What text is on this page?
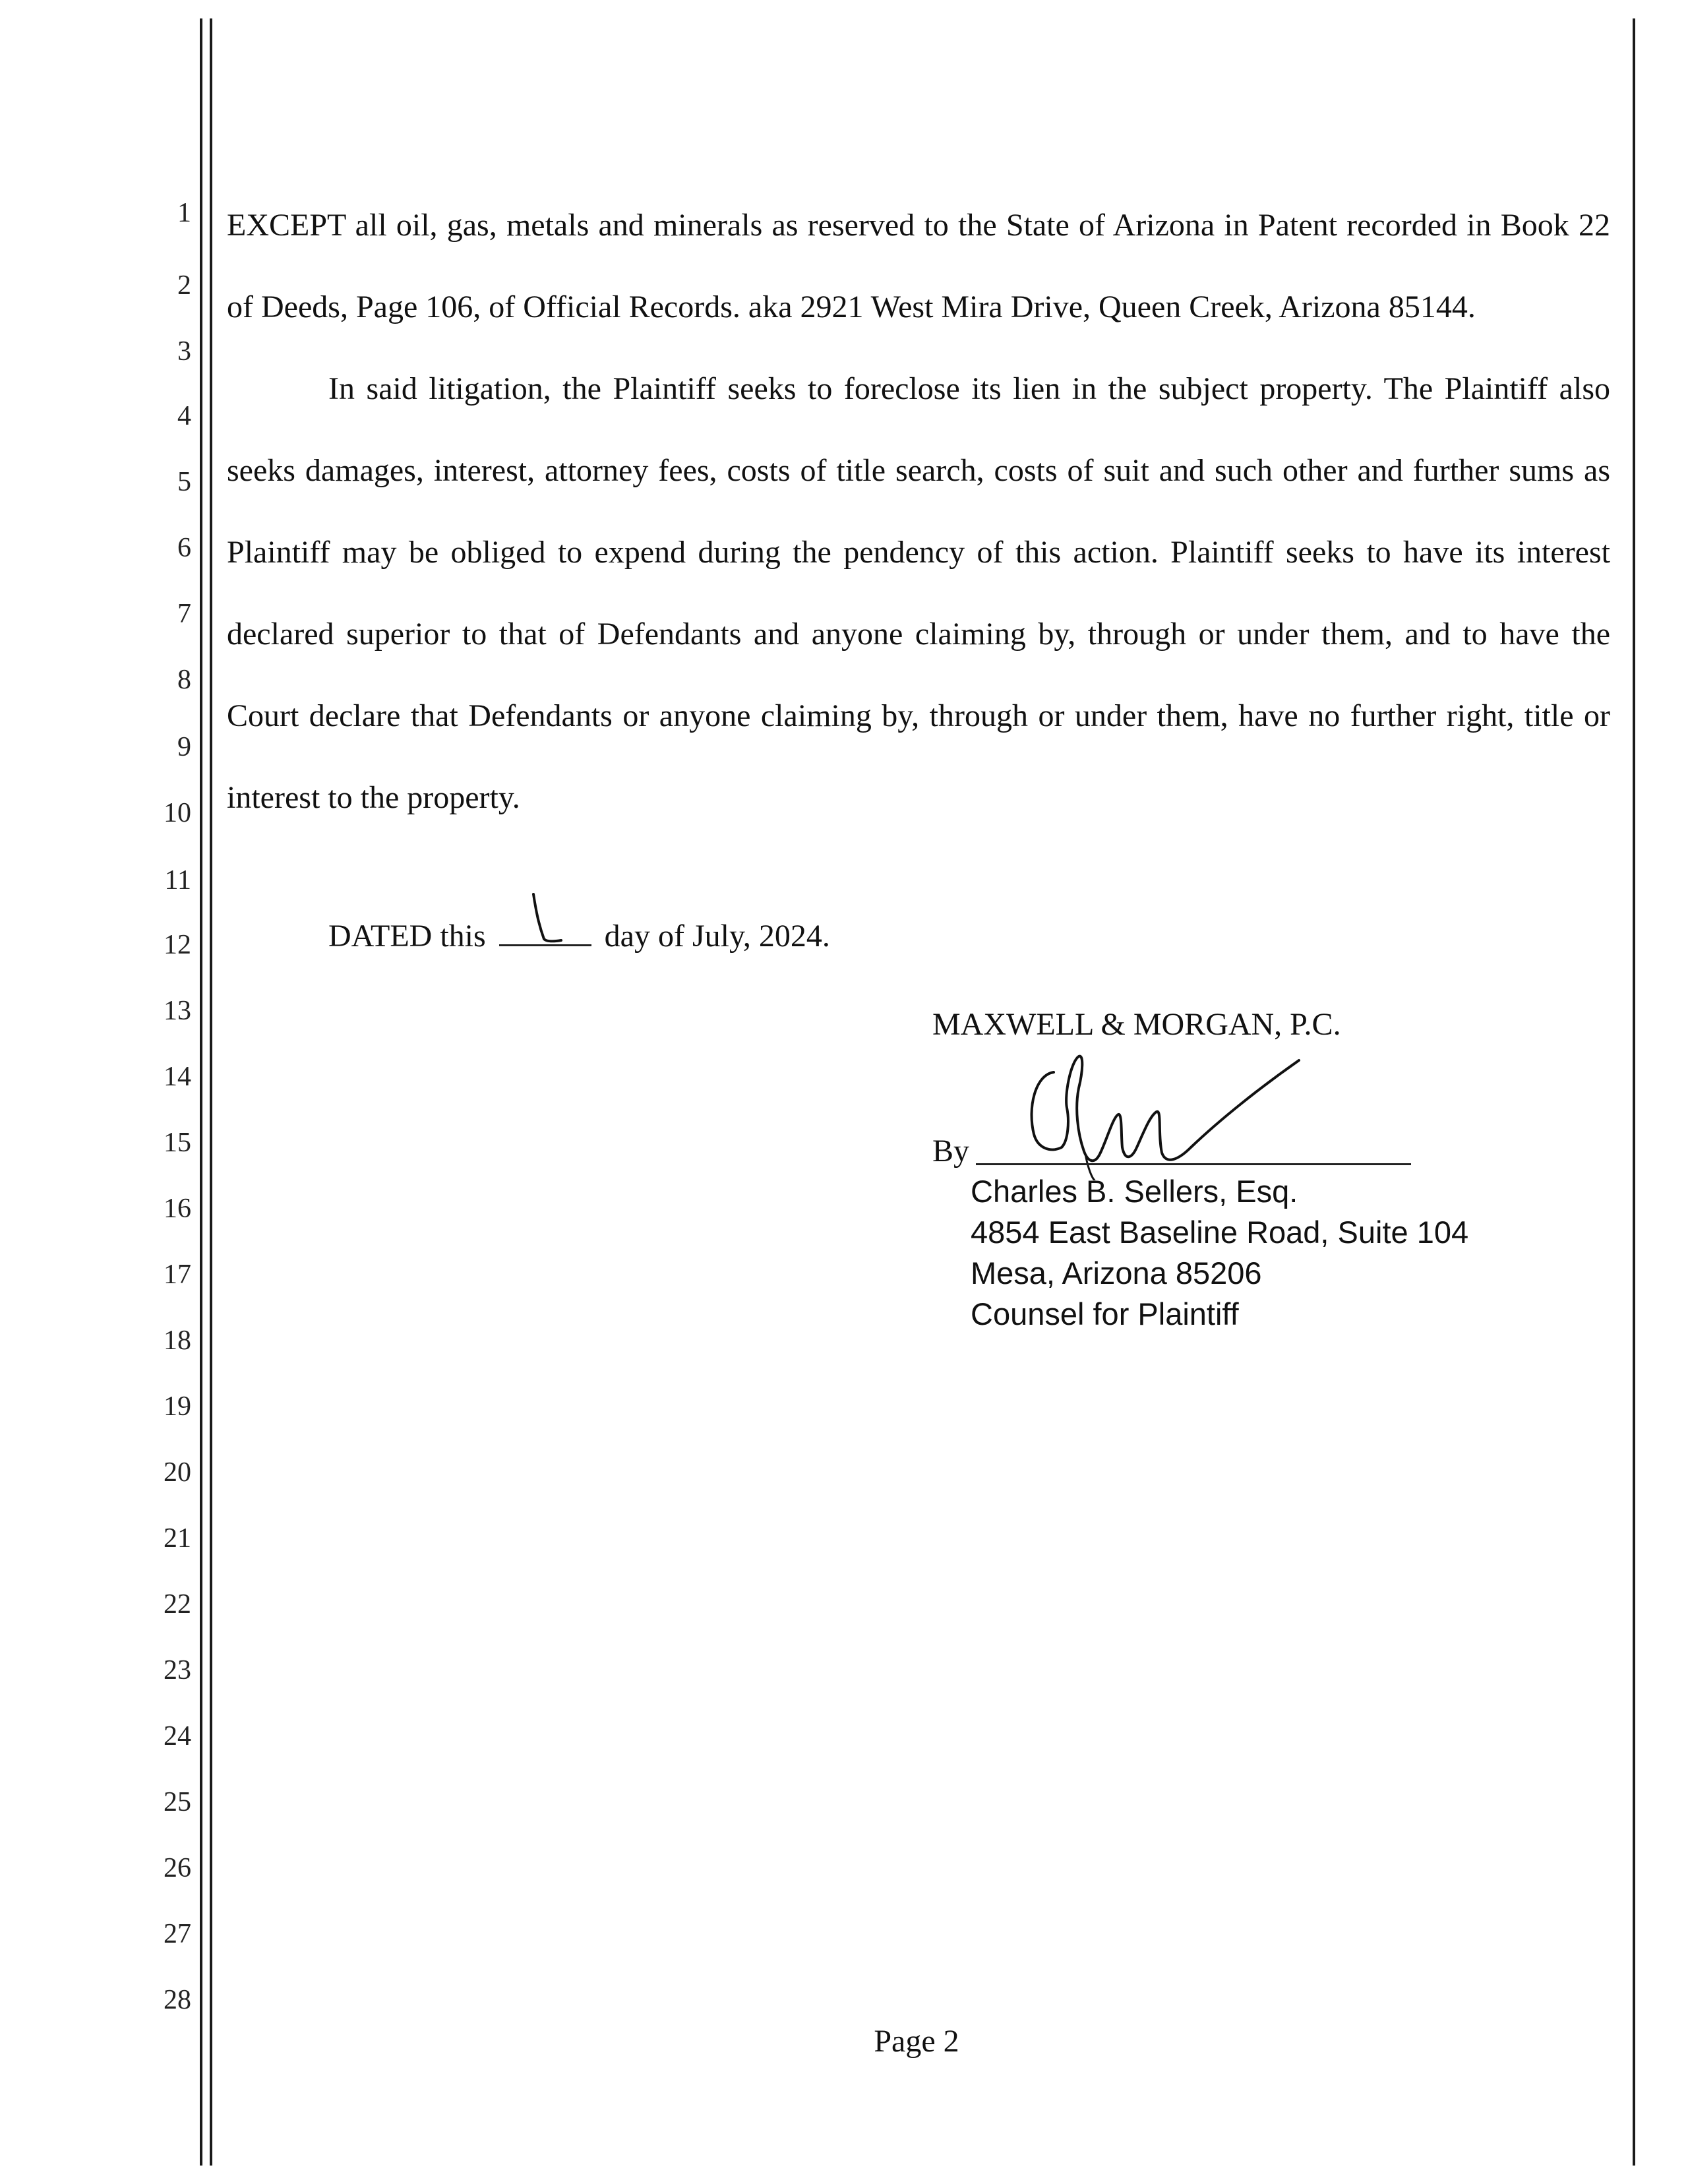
1
2
3
4
5
6
7
8
9
10
11
12
13
14
15
16
17
18
19
20
21
22
23
24
25
26
27
28

EXCEPT all oil, gas, metals and minerals as reserved to the State of Arizona in Patent recorded in Book 22 of Deeds, Page 106, of Official Records. aka 2921 West Mira Drive, Queen Creek, Arizona 85144.

In said litigation, the Plaintiff seeks to foreclose its lien in the subject property. The Plaintiff also seeks damages, interest, attorney fees, costs of title search, costs of suit and such other and further sums as Plaintiff may be obliged to expend during the pendency of this action. Plaintiff seeks to have its interest declared superior to that of Defendants and anyone claiming by, through or under them, and to have the Court declare that Defendants or anyone claiming by, through or under them, have no further right, title or interest to the property.

DATED this	day of July, 2024.
MAXWELL & MORGAN, P.C.
By
Charles B. Sellers, Esq.
4854 East Baseline Road, Suite 104
Mesa, Arizona 85206
Counsel for Plaintiff
Page 2
